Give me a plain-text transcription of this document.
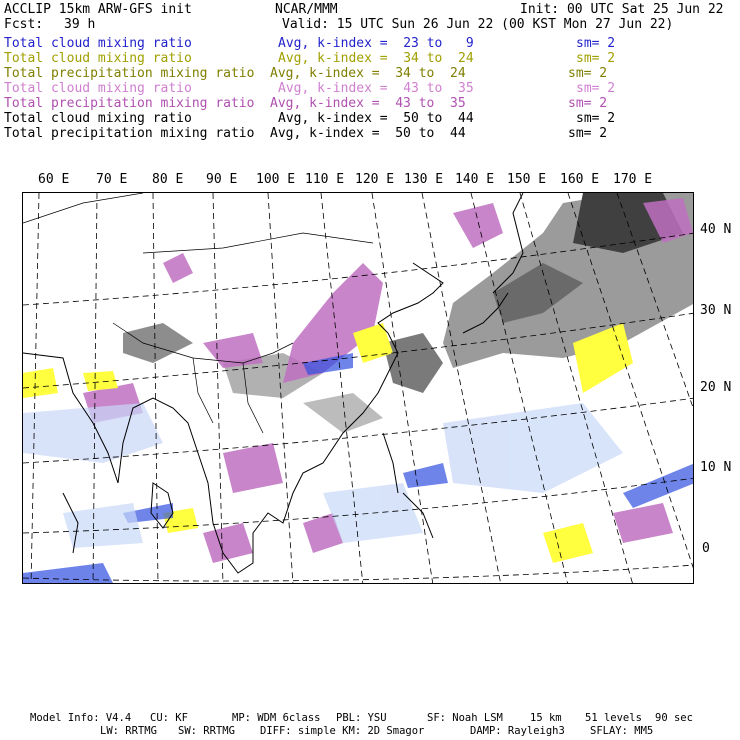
ACCLIP 15km ARW-GFS init	NCAR/MMM	Init: 00 UTC Sat 25 Jun 22
Fcst: 39 h	Valid: 15 UTC Sun 26 Jun 22 (00 KST Mon 27 Jun 22)
Total cloud mixing ratio	Avg, k-index =  23 to   9	sm= 2
Total cloud mixing ratio	Avg, k-index =  34 to  24	sm= 2
Total precipitation mixing ratio Avg, k-index =  34 to  24	sm= 2
Total cloud mixing ratio	Avg, k-index =  43 to  35	sm= 2
Total precipitation mixing ratio Avg, k-index =  43 to  35	sm= 2
Total cloud mixing ratio	Avg, k-index =  50 to  44	sm= 2
Total precipitation mixing ratio Avg, k-index =  50 to  44	sm= 2
60 E 70 E 80 E 90 E 100 E 110 E 120 E 130 E 140 E 150 E 160 E 170 E
40 N
30 N
20 N
10 N
0
Model Info: V4.4 CU: KF	MP: WDM 6class PBL: YSU	SF: Noah LSM	15 km 51 levels 90 sec
LW: RRTMG SW: RRTMG DIFF: simple KM: 2D Smagor	DAMP: Rayleigh3 SFLAY: MM5
